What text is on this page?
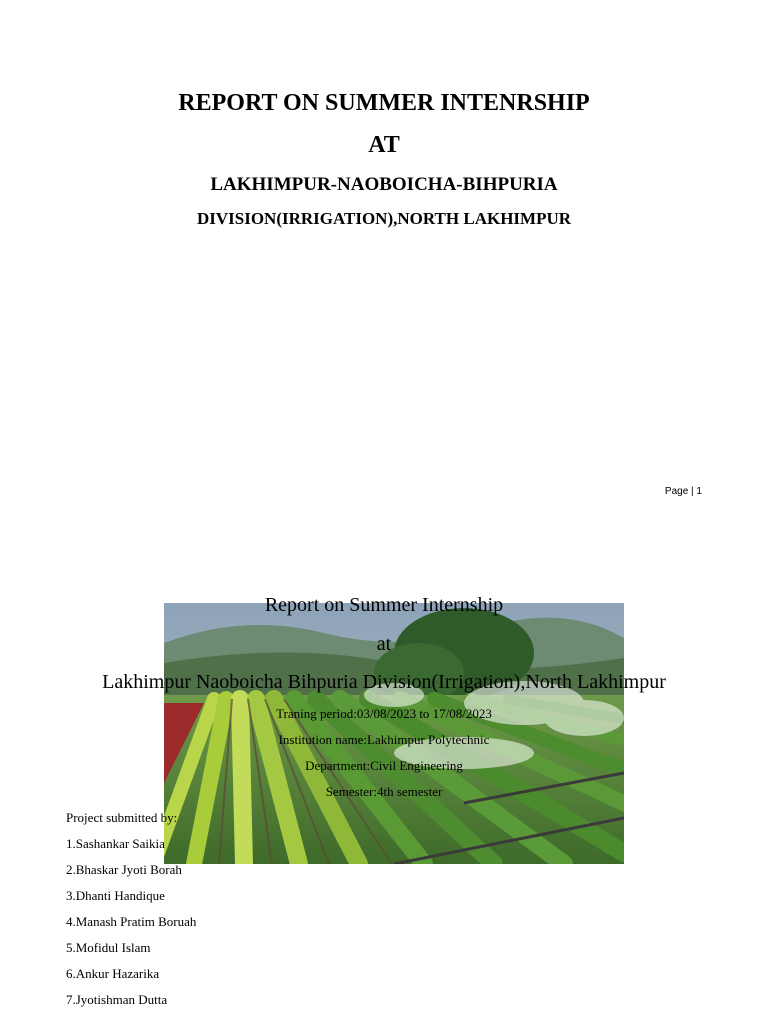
REPORT ON SUMMER INTENRSHIP
AT
LAKHIMPUR-NAOBOICHA-BIHPURIA
DIVISION(IRRIGATION),NORTH LAKHIMPUR
Page | 1
Report on Summer Internship
at
Lakhimpur Naoboicha Bihpuria Division(Irrigation),North Lakhimpur
Traning period:03/08/2023 to 17/08/2023
Institution name:Lakhimpur Polytechnic
Department:Civil Engineering
Semester:4th semester
Project submitted by:
1.Sashankar Saikia
2.Bhaskar Jyoti Borah
3.Dhanti Handique
4.Manash Pratim Boruah
5.Mofidul Islam
6.Ankur Hazarika
7.Jyotishman Dutta
